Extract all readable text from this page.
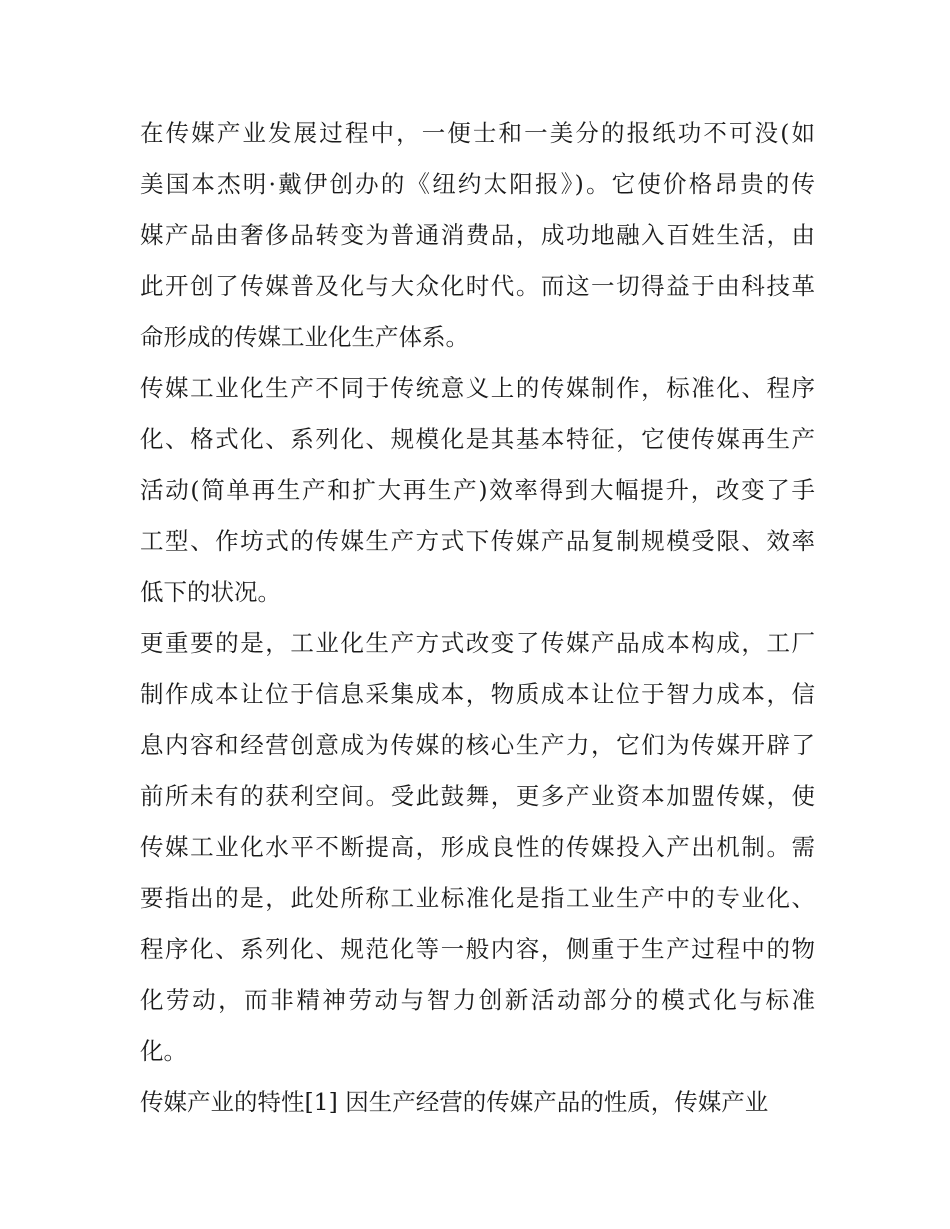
在传媒产业发展过程中，一便士和一美分的报纸功不可没(如
美国本杰明·戴伊创办的《纽约太阳报》)。它使价格昂贵的传
媒产品由奢侈品转变为普通消费品，成功地融入百姓生活，由
此开创了传媒普及化与大众化时代。而这一切得益于由科技革
命形成的传媒工业化生产体系。

传媒工业化生产不同于传统意义上的传媒制作，标准化、程序
化、格式化、系列化、规模化是其基本特征，它使传媒再生产
活动(简单再生产和扩大再生产)效率得到大幅提升，改变了手
工型、作坊式的传媒生产方式下传媒产品复制规模受限、效率
低下的状况。

更重要的是，工业化生产方式改变了传媒产品成本构成，工厂
制作成本让位于信息采集成本，物质成本让位于智力成本，信
息内容和经营创意成为传媒的核心生产力，它们为传媒开辟了
前所未有的获利空间。受此鼓舞，更多产业资本加盟传媒，使
传媒工业化水平不断提高，形成良性的传媒投入产出机制。需
要指出的是，此处所称工业标准化是指工业生产中的专业化、
程序化、系列化、规范化等一般内容，侧重于生产过程中的物
化劳动，而非精神劳动与智力创新活动部分的模式化与标准
化。

传媒产业的特性[1] 因生产经营的传媒产品的性质，传媒产业
